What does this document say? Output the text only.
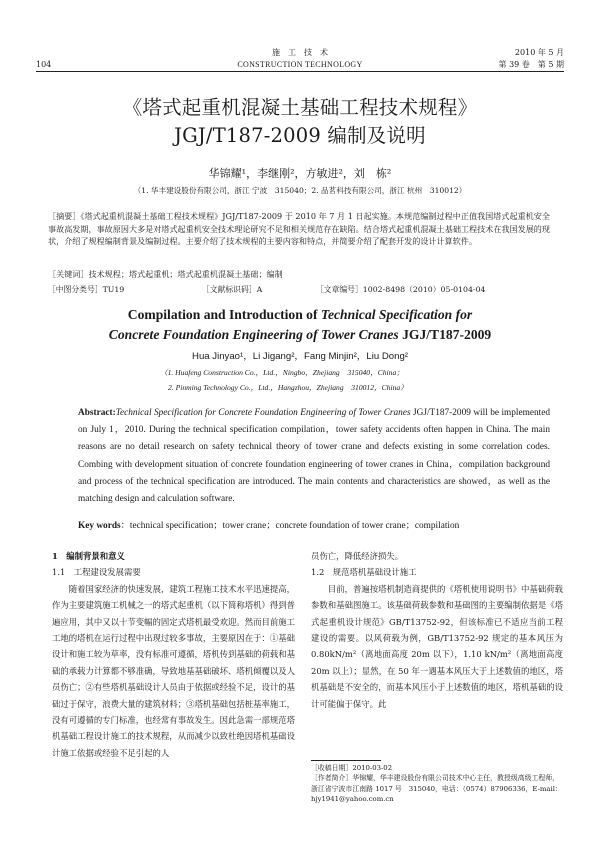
施　工　技　术
CONSTRUCTION TECHNOLOGY
104
2010 年 5 月
第 39 卷　第 5 期
《塔式起重机混凝土基础工程技术规程》
JGJ/T187-2009 编制及说明
华锦耀¹，李继刚²，方敏进²，刘　栋²
（1. 华丰建设股份有限公司，浙江 宁波　315040；2. 品茗科技有限公司，浙江 杭州　310012）
［摘要］《塔式起重机混凝土基础工程技术规程》JGJ/T187-2009 于 2010 年 7 月 1 日起实施。本规范编制过程中正值我国塔式起重机安全事故高发期，事故原因大多是对塔式起重机安全技术理论研究不足和相关规范存在缺陷。结合塔式起重机混凝土基础工程技术在我国发展的现状，介绍了规程编制背景及编制过程。主要介绍了技术规程的主要内容和特点，并简要介绍了配套开发的设计计算软件。
［关键词］技术规程；塔式起重机；塔式起重机混凝土基础；编制
［中图分类号］TU19	［文献标识码］A	［文章编号］1002-8498（2010）05-0104-04
Compilation and Introduction of Technical Specification for
Concrete Foundation Engineering of Tower Cranes JGJ/T187-2009
Hua Jinyao¹，Li Jigang²，Fang Minjin²，Liu Dong²
（1. Huafeng Construction Co.，Ltd.，Ningbo，Zhejiang　315040，China；
2. Pinming Technology Co.，Ltd.，Hangzhou，Zhejiang　310012，China）
Abstract:Technical Specification for Concrete Foundation Engineering of Tower Cranes JGJ/T187-2009 will be implemented on July 1，2010. During the technical specification compilation，tower safety accidents often happen in China. The main reasons are no detail research on safety technical theory of tower crane and defects existing in some correlation codes. Combing with development situation of concrete foundation engineering of tower cranes in China，compilation background and process of the technical specification are introduced. The main contents and characteristics are showed，as well as the matching design and calculation software.
Key words：technical specification；tower crane；concrete foundation of tower crane；compilation

1　编制背景和意义

1.1　工程建设发展需要

随着国家经济的快速发展，建筑工程施工技术水平迅速提高，作为主要建筑施工机械之一的塔式起重机（以下简称塔机）得到普遍应用，其中又以十节变幅的固定式塔机最受欢迎。然而目前施工工地的塔机在运行过程中出现过较多事故，主要原因在于：①基础设计和施工较为草率，没有标准可遵循，塔机传到基础的荷载和基础的承载力计算都不够准确，导致地基基础破坏、塔机倾覆以及人员伤亡；②有些塔机基础设计人员由于依据或经验不足，设计的基础过于保守，浪费大量的建筑材料；③塔机基础包括桩基率施工，没有可遵循的专门标准，也经常有事故发生。因此急需一部规范塔机基础工程设计施工的技术规程，从而减少以致杜绝因塔机基础设计施工依据或经验不足引起的人

员伤亡，降低经济损失。

1.2　规范塔机基础设计施工

目前，普遍按塔机制造商提供的《塔机使用说明书》中基础荷载参数和基础图施工。该基础荷载参数和基础图的主要编制依据是《塔式起重机设计规范》GB/T13752-92，但该标准已不适应当前工程建设的需要。以风荷载为例，GB/T13752-92 规定的基本风压为 0.80kN/m²（离地面高度 20m 以下），1.10 kN/m²（离地面高度 20m 以上）；显然，在 50 年一遇基本风压大于上述数值的地区，塔机基础是不安全的，而基本风压小于上述数值的地区，塔机基础的设计可能偏于保守。此

［收稿日期］2010-03-02
［作者简介］华锦耀，华丰建设股份有限公司技术中心主任，教授级高级工程师，浙江省宁波市江南路 1017 号　315040，电话：（0574）87906336，E-mail：hjy1941@yahoo.com.cn
